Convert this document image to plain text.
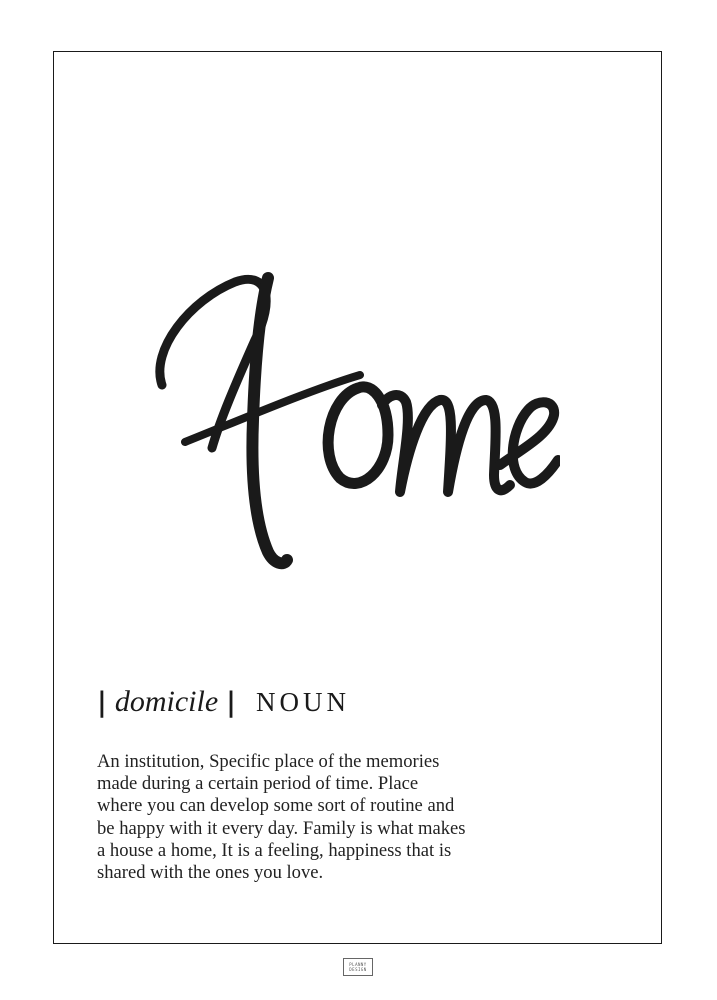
| domicile | NOUN
An institution, Specific place of the memories
made during a certain period of time. Place
where you can develop some sort of routine and
be happy with it every day. Family is what makes
a house a home, It is a feeling, happiness that is
shared with the ones you love.
PLANNY
DESIGN
